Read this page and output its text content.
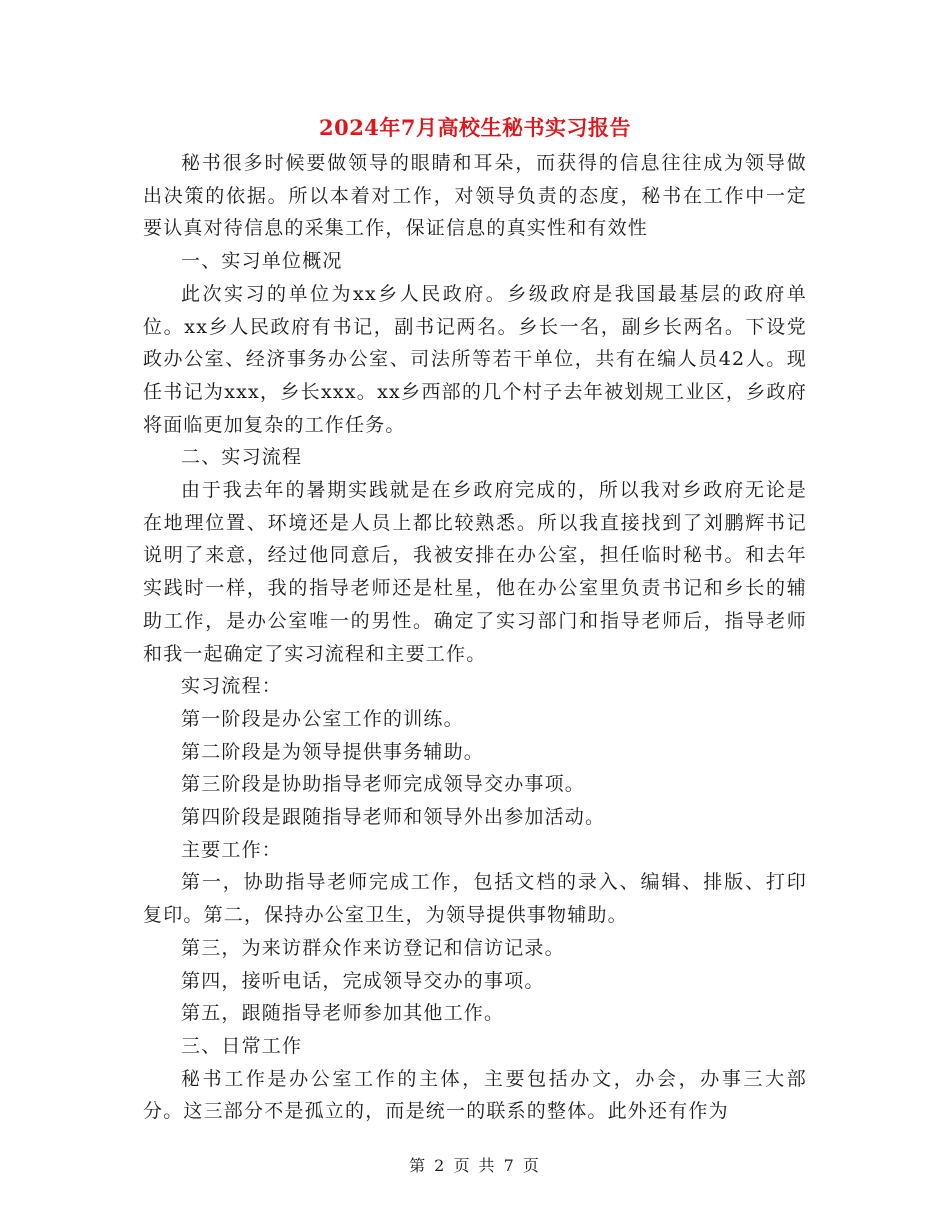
2024年7月高校生秘书实习报告

秘书很多时候要做领导的眼睛和耳朵，而获得的信息往往成为领导做出决策的依据。所以本着对工作，对领导负责的态度，秘书在工作中一定要认真对待信息的采集工作，保证信息的真实性和有效性

一、实习单位概况

此次实习的单位为xx乡人民政府。乡级政府是我国最基层的政府单位。xx乡人民政府有书记，副书记两名。乡长一名，副乡长两名。下设党政办公室、经济事务办公室、司法所等若干单位，共有在编人员42人。现任书记为xxx，乡长xxx。xx乡西部的几个村子去年被划规工业区，乡政府将面临更加复杂的工作任务。

二、实习流程

由于我去年的暑期实践就是在乡政府完成的，所以我对乡政府无论是在地理位置、环境还是人员上都比较熟悉。所以我直接找到了刘鹏辉书记说明了来意，经过他同意后，我被安排在办公室，担任临时秘书。和去年实践时一样，我的指导老师还是杜星，他在办公室里负责书记和乡长的辅助工作，是办公室唯一的男性。确定了实习部门和指导老师后，指导老师和我一起确定了实习流程和主要工作。

实习流程：

第一阶段是办公室工作的训练。

第二阶段是为领导提供事务辅助。

第三阶段是协助指导老师完成领导交办事项。

第四阶段是跟随指导老师和领导外出参加活动。

主要工作：

第一，协助指导老师完成工作，包括文档的录入、编辑、排版、打印复印。第二，保持办公室卫生，为领导提供事物辅助。

第三，为来访群众作来访登记和信访记录。

第四，接听电话，完成领导交办的事项。

第五，跟随指导老师参加其他工作。

三、日常工作

秘书工作是办公室工作的主体，主要包括办文，办会，办事三大部分。这三部分不是孤立的，而是统一的联系的整体。此外还有作为

第 2 页 共 7 页
